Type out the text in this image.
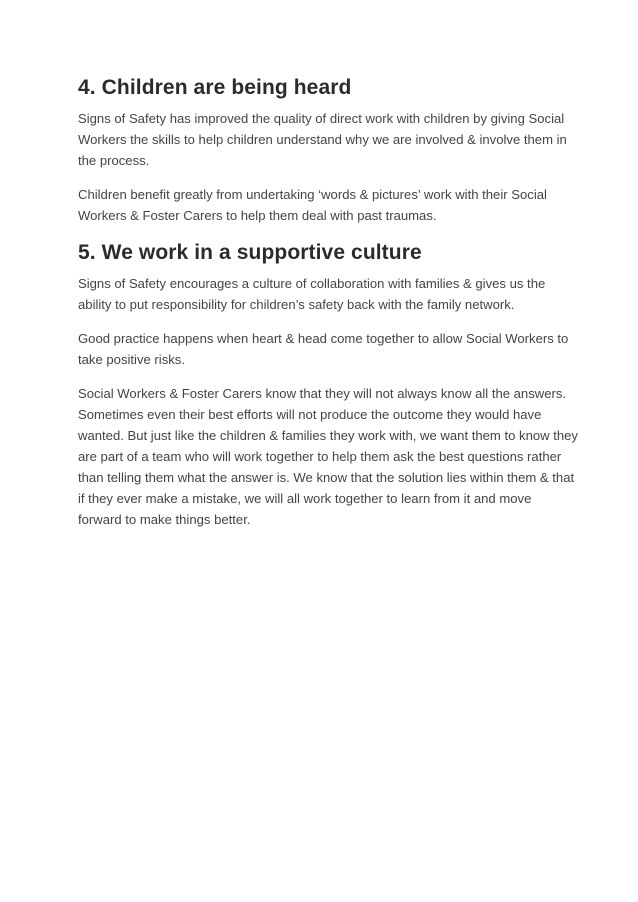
4. Children are being heard

Signs of Safety has improved the quality of direct work with children by giving Social Workers the skills to help children understand why we are involved & involve them in the process.

Children benefit greatly from undertaking ‘words & pictures’ work with their Social Workers & Foster Carers to help them deal with past traumas.

5. We work in a supportive culture

Signs of Safety encourages a culture of collaboration with families & gives us the ability to put responsibility for children’s safety back with the family network.

Good practice happens when heart & head come together to allow Social Workers to take positive risks.

Social Workers & Foster Carers know that they will not always know all the answers. Sometimes even their best efforts will not produce the outcome they would have wanted. But just like the children & families they work with, we want them to know they are part of a team who will work together to help them ask the best questions rather than telling them what the answer is. We know that the solution lies within them & that if they ever make a mistake, we will all work together to learn from it and move forward to make things better.
